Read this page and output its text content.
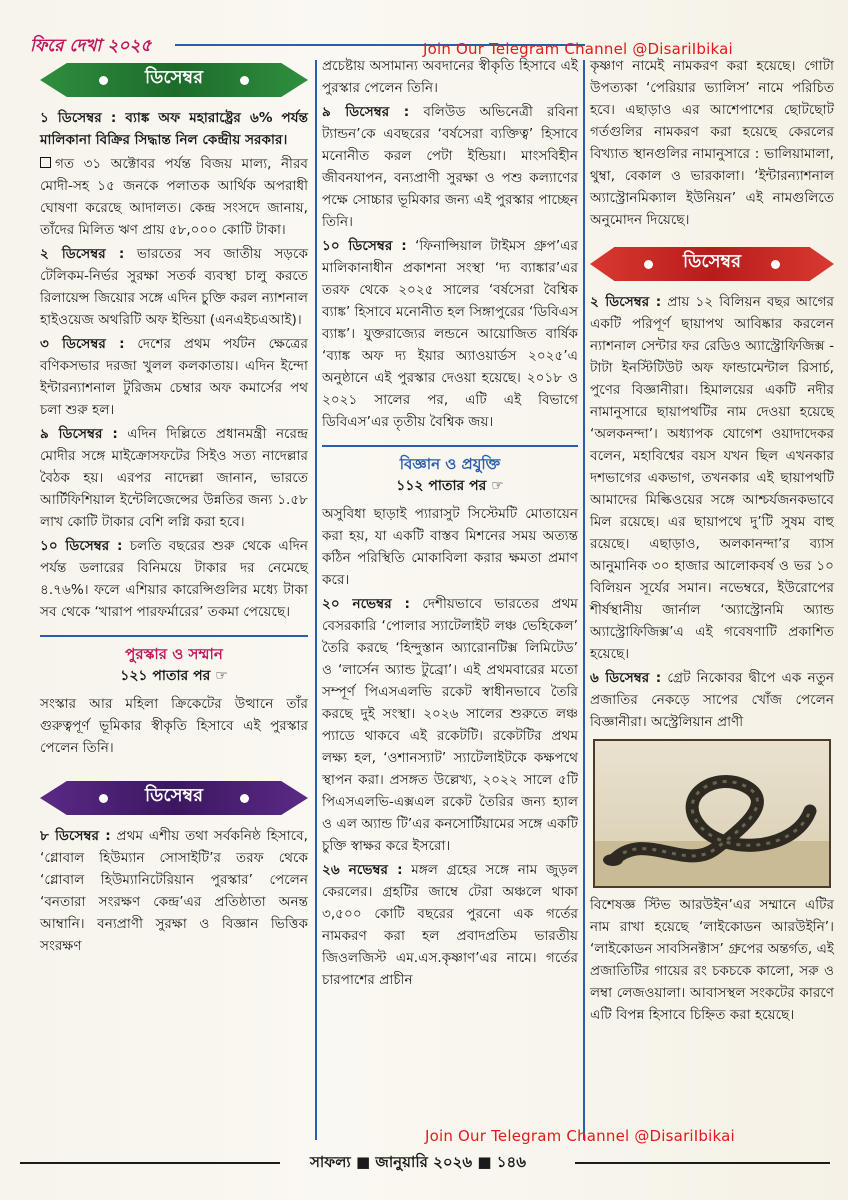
ফিরে দেখা ২০২৫	Join Our Telegram Channel @DisariIbikai
ডিসেম্বর

১ ডিসেম্বর : ব্যাঙ্ক অফ মহারাষ্ট্রের ৬% পর্যন্ত মালিকানা বিক্রির সিদ্ধান্ত নিল কেন্দ্রীয় সরকার।

গত ৩১ অক্টোবর পর্যন্ত বিজয় মাল্য, নীরব মোদী-সহ ১৫ জনকে পলাতক আর্থিক অপরাধী ঘোষণা করেছে আদালত। কেন্দ্র সংসদে জানায়, তাঁদের মিলিত ঋণ প্রায় ৫৮,০০০ কোটি টাকা।

২ ডিসেম্বর : ভারতের সব জাতীয় সড়কে টেলিকম-নির্ভর সুরক্ষা সতর্ক ব্যবস্থা চালু করতে রিলায়েন্স জিয়োর সঙ্গে এদিন চুক্তি করল ন্যাশনাল হাইওয়েজ অথরিটি অফ ইন্ডিয়া (এনএইচএআই)।

৩ ডিসেম্বর : দেশের প্রথম পর্যটন ক্ষেত্রের বণিকসভার দরজা খুলল কলকাতায়। এদিন ইন্দো ইন্টারন্যাশনাল টুরিজম চেম্বার অফ কমার্সের পথ চলা শুরু হল।

৯ ডিসেম্বর : এদিন দিল্লিতে প্রধানমন্ত্রী নরেন্দ্র মোদীর সঙ্গে মাইক্রোসফটের সিইও সত্য নাদেল্লার বৈঠক হয়। এরপর নাদেল্লা জানান, ভারতে আর্টিফিশিয়াল ইন্টেলিজেন্সের উন্নতির জন্য ১.৫৮ লাখ কোটি টাকার বেশি লগ্নি করা হবে।

১০ ডিসেম্বর : চলতি বছরের শুরু থেকে এদিন পর্যন্ত ডলারের বিনিময়ে টাকার দর নেমেছে ৪.৭৬%। ফলে এশিয়ার কারেন্সিগুলির মধ্যে টাকা সব থেকে ‘খারাপ পারফর্মারের’ তকমা পেয়েছে।

পুরস্কার ও সম্মান
১২১ পাতার পর ☞

সংস্কার আর মহিলা ক্রিকেটের উত্থানে তাঁর গুরুত্বপূর্ণ ভূমিকার স্বীকৃতি হিসাবে এই পুরস্কার পেলেন তিনি।

ডিসেম্বর

৮ ডিসেম্বর : প্রথম এশীয় তথা সর্বকনিষ্ঠ হিসাবে, ‘গ্লোবাল হিউম্যান সোসাইটি’র তরফ থেকে ‘গ্লোবাল হিউম্যানিটেরিয়ান পুরস্কার’ পেলেন ‘বনতারা সংরক্ষণ কেন্দ্র’এর প্রতিষ্ঠাতা অনন্ত আম্বানি। বন্যপ্রাণী সুরক্ষা ও বিজ্ঞান ভিত্তিক সংরক্ষণ

প্রচেষ্টায় অসামান্য অবদানের স্বীকৃতি হিসাবে এই পুরস্কার পেলেন তিনি।

৯ ডিসেম্বর : বলিউড অভিনেত্রী রবিনা ট্যান্ডন’কে এবছরের ‘বর্ষসেরা ব্যক্তিত্ব’ হিসাবে মনোনীত করল পেটা ইন্ডিয়া। মাংসবিহীন জীবনযাপন, বন্যপ্রাণী সুরক্ষা ও পশু কল্যাণের পক্ষে সোচ্চার ভূমিকার জন্য এই পুরস্কার পাচ্ছেন তিনি।

১০ ডিসেম্বর : ‘ফিনান্সিয়াল টাইমস গ্রুপ’এর মালিকানাধীন প্রকাশনা সংস্থা ‘দ্য ব্যাঙ্কার’এর তরফ থেকে ২০২৫ সালের ‘বর্ষসেরা বৈশ্বিক ব্যাঙ্ক’ হিসাবে মনোনীত হল সিঙ্গাপুরের ‘ডিবিএস ব্যাঙ্ক’। যুক্তরাজ্যের লন্ডনে আয়োজিত বার্ষিক ‘ব্যাঙ্ক অফ দ্য ইয়ার অ্যাওয়ার্ডস ২০২৫’এ অনুষ্ঠানে এই পুরস্কার দেওয়া হয়েছে। ২০১৮ ও ২০২১ সালের পর, এটি এই বিভাগে ডিবিএস’এর তৃতীয় বৈশ্বিক জয়।

বিজ্ঞান ও প্রযুক্তি
১১২ পাতার পর ☞

অসুবিধা ছাড়াই প্যারাসুট সিস্টেমটি মোতায়েন করা হয়, যা একটি বাস্তব মিশনের সময় অত্যন্ত কঠিন পরিস্থিতি মোকাবিলা করার ক্ষমতা প্রমাণ করে।

২০ নভেম্বর : দেশীয়ভাবে ভারতের প্রথম বেসরকারি ‘পোলার স্যাটেলাইট লঞ্চ ভেহিকেল’ তৈরি করছে ‘হিন্দুস্তান অ্যারোনটিক্স লিমিটেড’ ও ‘লার্সেন অ্যান্ড টুব্রো’। এই প্রথমবারের মতো সম্পূর্ণ পিএসএলভি রকেট স্বাধীনভাবে তৈরি করছে দুই সংস্থা। ২০২৬ সালের শুরুতে লঞ্চ প্যাডে থাকবে এই রকেটটি। রকেটটির প্রথম লক্ষ্য হল, ‘ওশানস্যাট’ স্যাটেলাইটকে কক্ষপথে স্থাপন করা। প্রসঙ্গত উল্লেখ্য, ২০২২ সালে ৫টি পিএসএলভি-এক্সএল রকেট তৈরির জন্য হ্যাল ও এল অ্যান্ড টি’এর কনসোর্টিয়ামের সঙ্গে একটি চুক্তি স্বাক্ষর করে ইসরো।

২৬ নভেম্বর : মঙ্গল গ্রহের সঙ্গে নাম জুড়ল কেরলের। গ্রহটির জাম্বে টেরা অঞ্চলে থাকা ৩,৫০০ কোটি বছরের পুরনো এক গর্তের নামকরণ করা হল প্রবাদপ্রতিম ভারতীয় জিওলজিস্ট এম.এস.কৃষ্ণাণ’এর নামে। গর্তের চারপাশের প্রাচীন

কৃষ্ণাণ নামেই নামকরণ করা হয়েছে। গোটা উপত্যকা ‘পেরিয়ার ভ্যালিস’ নামে পরিচিত হবে। এছাড়াও এর আশেপাশের ছোটছোট গর্তগুলির নামকরণ করা হয়েছে কেরলের বিখ্যাত স্থানগুলির নামানুসারে : ভালিয়ামালা, থুম্বা, বেকাল ও ভারকালা। ‘ইন্টারন্যাশনাল অ্যাস্ট্রোনমিক্যাল ইউনিয়ন’ এই নামগুলিতে অনুমোদন দিয়েছে।

ডিসেম্বর

২ ডিসেম্বর : প্রায় ১২ বিলিয়ন বছর আগের একটি পরিপূর্ণ ছায়াপথ আবিষ্কার করলেন ন্যাশনাল সেন্টার ফর রেডিও অ্যাস্ট্রোফিজিক্স - টাটা ইনস্টিটিউট অফ ফান্ডামেন্টাল রিসার্চ, পুণের বিজ্ঞানীরা। হিমালয়ের একটি নদীর নামানুসারে ছায়াপথটির নাম দেওয়া হয়েছে ‘অলকনন্দা’। অধ্যাপক যোগেশ ওয়াদাদেকর বলেন, মহাবিশ্বের বয়স যখন ছিল এখনকার দশভাগের একভাগ, তখনকার এই ছায়াপথটি আমাদের মিল্কিওয়ের সঙ্গে আশ্চর্যজনকভাবে মিল রয়েছে। এর ছায়াপথে দু’টি সুষম বাহু রয়েছে। এছাড়াও, অলকানন্দা’র ব্যাস আনুমানিক ৩০ হাজার আলোকবর্ষ ও ভর ১০ বিলিয়ন সূর্যের সমান। নভেম্বরে, ইউরোপের শীর্ষস্থানীয় জার্নাল ‘অ্যাস্ট্রোনমি অ্যান্ড অ্যাস্ট্রোফিজিক্স’এ এই গবেষণাটি প্রকাশিত হয়েছে।

৬ ডিসেম্বর : গ্রেট নিকোবর দ্বীপে এক নতুন প্রজাতির নেকড়ে সাপের খোঁজ পেলেন বিজ্ঞানীরা। অস্ট্রেলিয়ান প্রাণী

বিশেষজ্ঞ স্টিভ আরউইন’এর সম্মানে এটির নাম রাখা হয়েছে ‘লাইকোডন আরউইনি’। ‘লাইকোডন সাবসিনক্টাস’ গ্রুপের অন্তর্গত, এই প্রজাতিটির গায়ের রং চকচকে কালো, সরু ও লম্বা লেজওয়ালা। আবাসস্থল সংকটের কারণে এটি বিপন্ন হিসাবে চিহ্নিত করা হয়েছে।

Join Our Telegram Channel @DisariIbikai
সাফল্য ■ জানুয়ারি ২০২৬ ■ ১৪৬
